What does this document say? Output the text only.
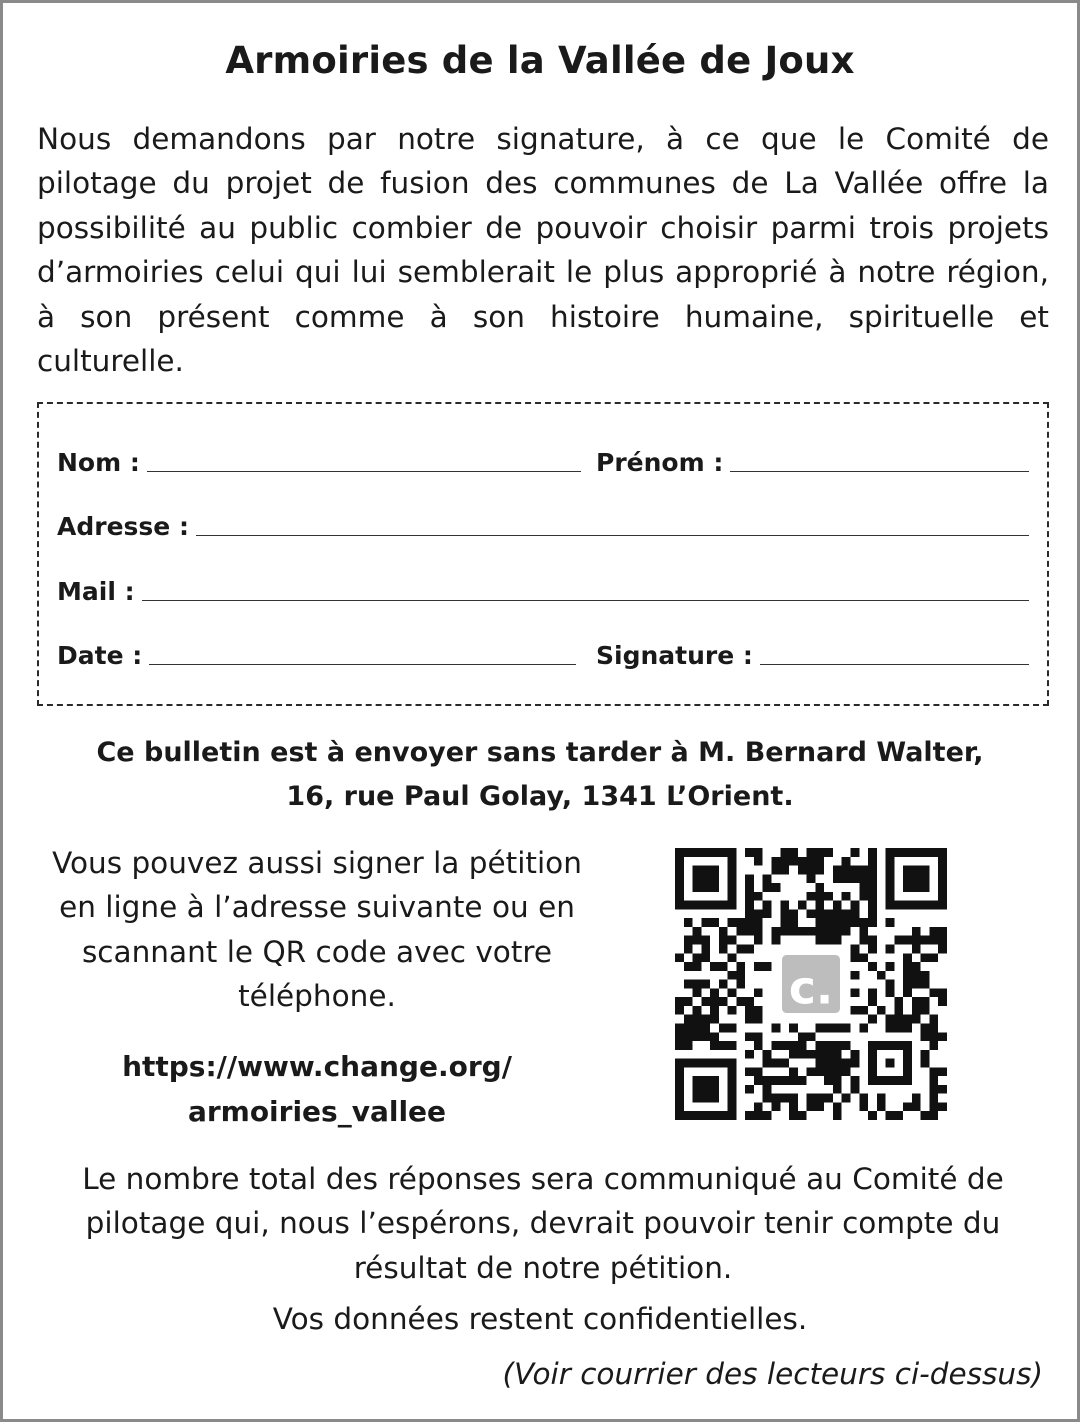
Armoiries de la Vallée de Joux

Nous demandons par notre signature, à ce que le Comité de pilotage du projet de fusion des communes de La Vallée offre la possibilité au public combier de pouvoir choisir parmi trois projets d’armoiries celui qui lui semblerait le plus approprié à notre région, à son présent comme à son histoire humaine, spirituelle et culturelle.

Nom :	Prénom :
Adresse :
Mail :
Date :	Signature :

Ce bulletin est à envoyer sans tarder à M. Bernard Walter,
16, rue Paul Golay, 1341 L’Orient.

Vous pouvez aussi signer la pétition en ligne à l’adresse suivante ou en scannant le QR code avec votre téléphone.

https://www.change.org/
armoiries_vallee

c.

Le nombre total des réponses sera communiqué au Comité de pilotage qui, nous l’espérons, devrait pouvoir tenir compte du résultat de notre pétition.

Vos données restent confidentielles.

(Voir courrier des lecteurs ci-dessus)
